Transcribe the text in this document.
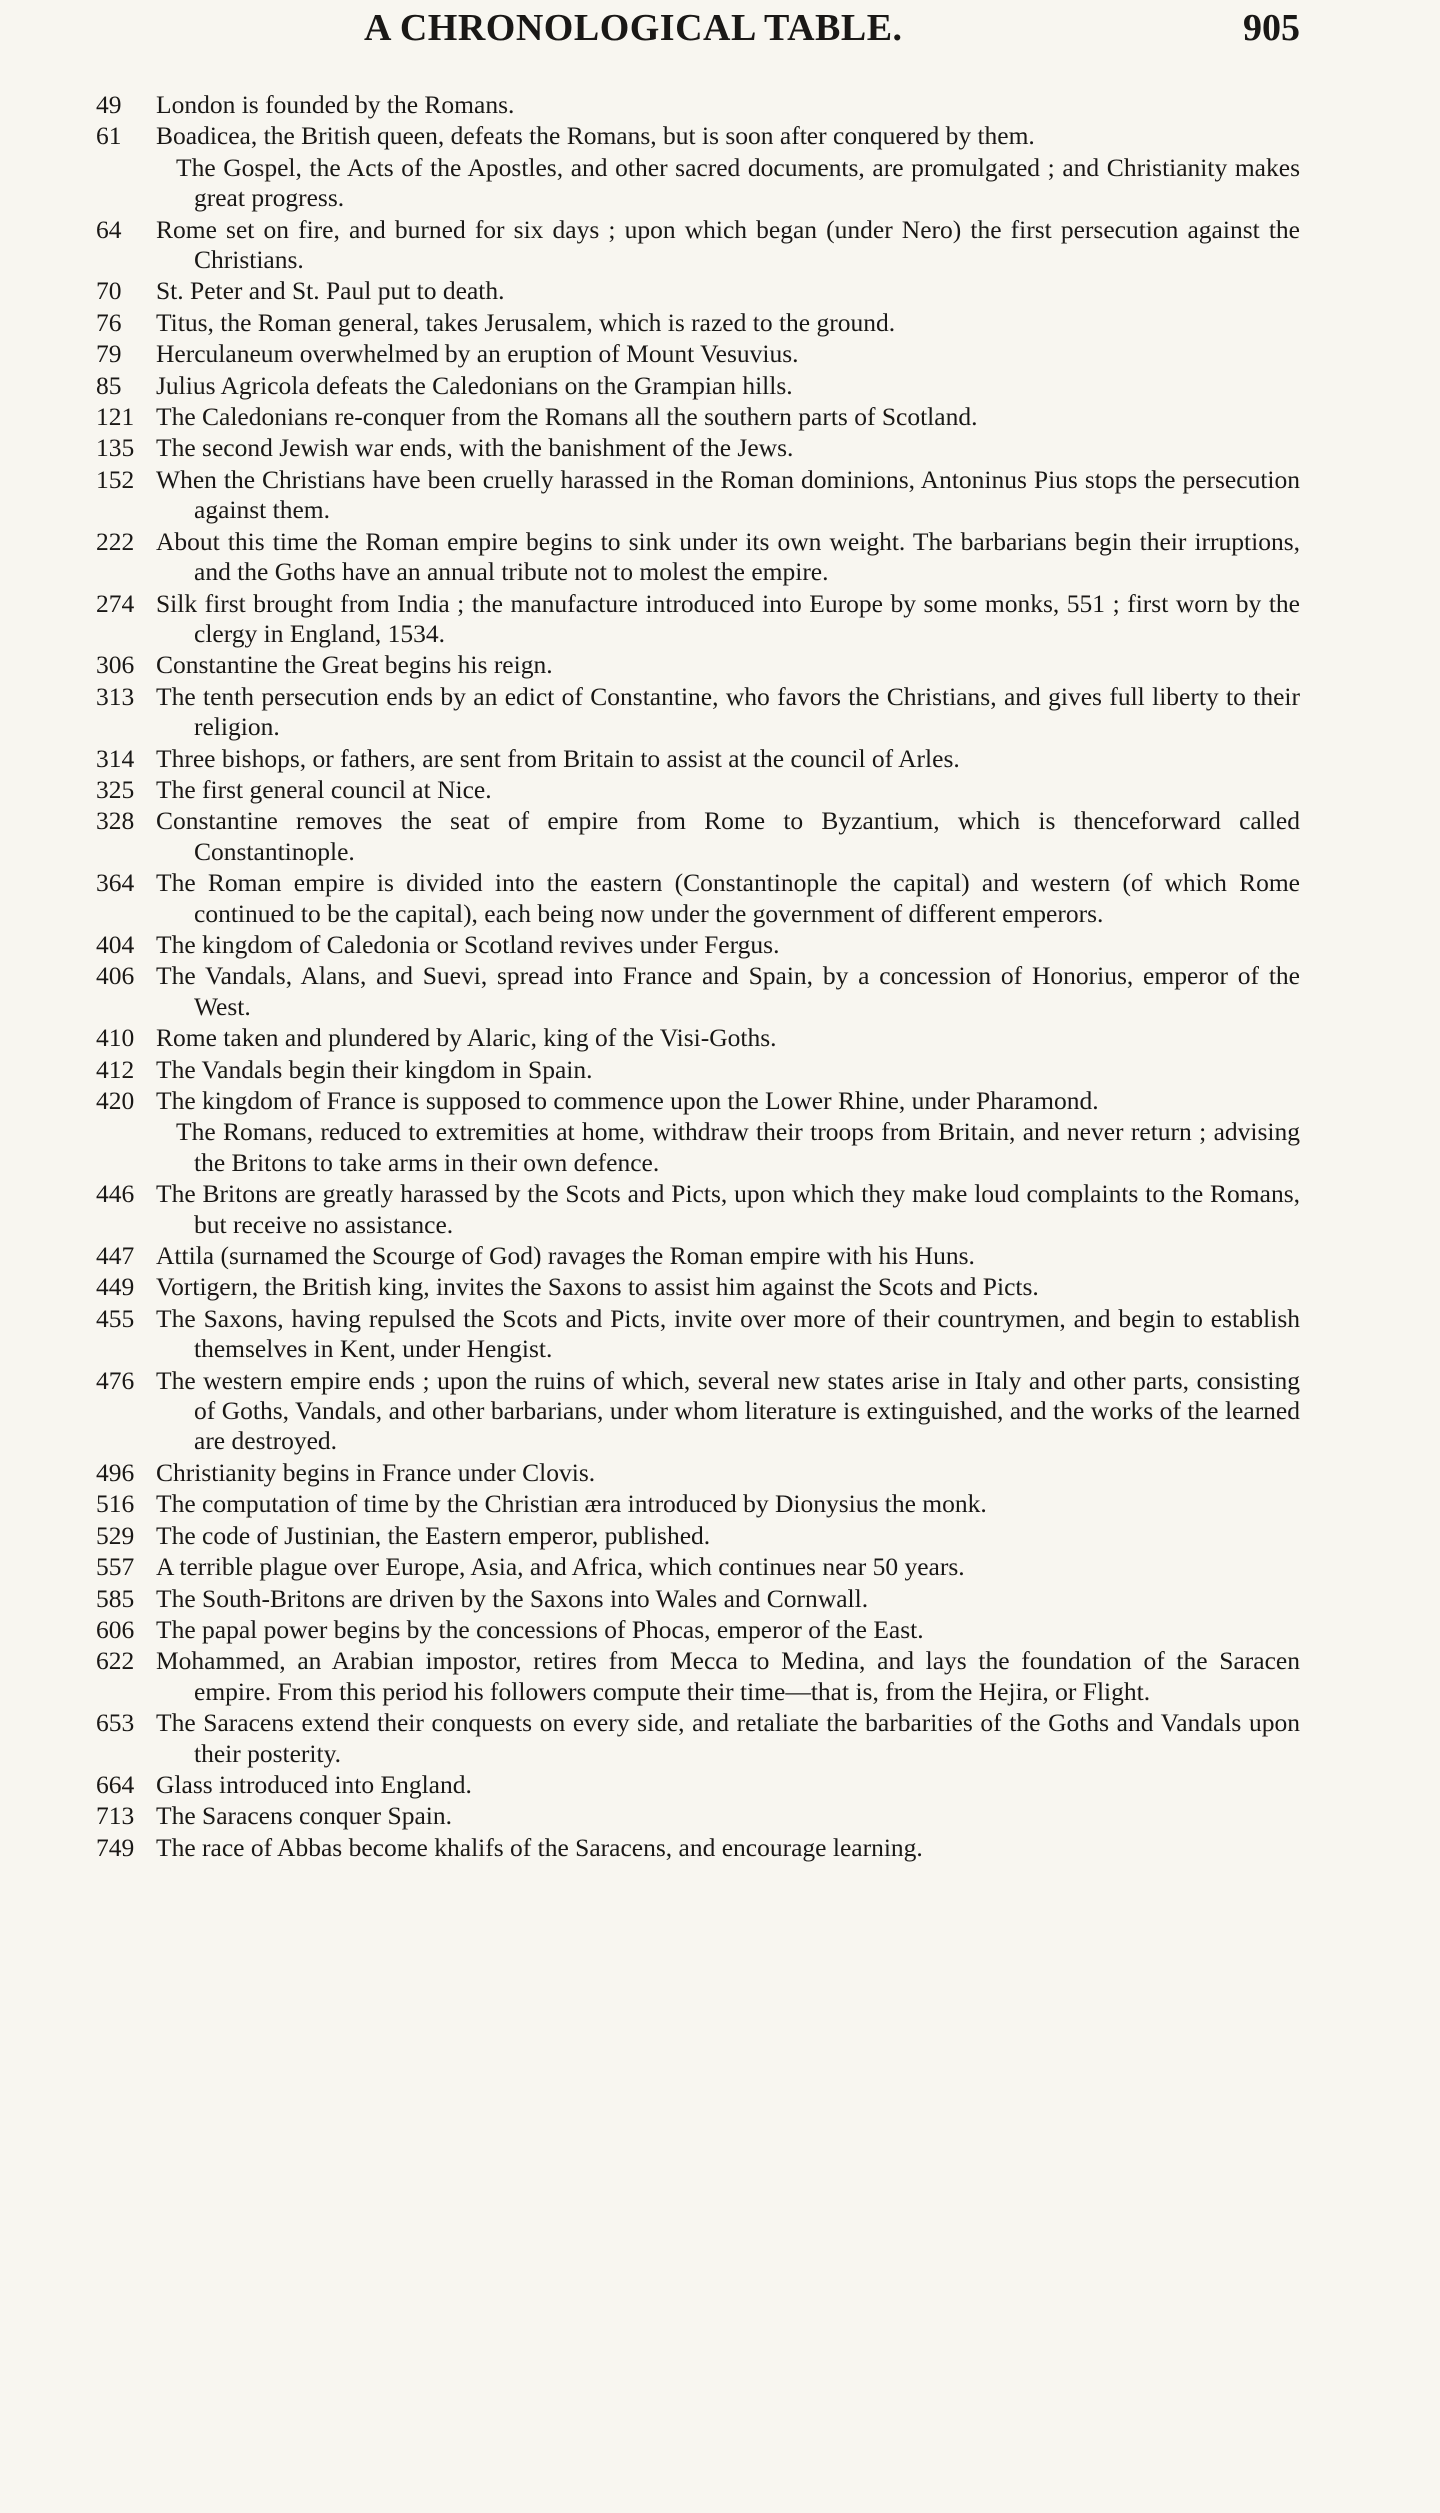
A CHRONOLOGICAL TABLE.	905
49	London is founded by the Romans.
61	Boadicea, the British queen, defeats the Romans, but is soon after conquered by them.
The Gospel, the Acts of the Apostles, and other sacred documents, are promulgated ; and Christianity makes great progress.
64	Rome set on fire, and burned for six days ; upon which began (under Nero) the first persecution against the Christians.
70	St. Peter and St. Paul put to death.
76	Titus, the Roman general, takes Jerusalem, which is razed to the ground.
79	Herculaneum overwhelmed by an eruption of Mount Vesuvius.
85	Julius Agricola defeats the Caledonians on the Grampian hills.
121 The Caledonians re-conquer from the Romans all the southern parts of Scotland.
135 The second Jewish war ends, with the banishment of the Jews.
152 When the Christians have been cruelly harassed in the Roman dominions, Antoninus Pius stops the persecution against them.
222 About this time the Roman empire begins to sink under its own weight. The barbarians begin their irruptions, and the Goths have an annual tribute not to molest the empire.
274 Silk first brought from India ; the manufacture introduced into Europe by some monks, 551 ; first worn by the clergy in England, 1534.
306 Constantine the Great begins his reign.
313 The tenth persecution ends by an edict of Constantine, who favors the Christians, and gives full liberty to their religion.
314 Three bishops, or fathers, are sent from Britain to assist at the council of Arles.
325 The first general council at Nice.
328 Constantine removes the seat of empire from Rome to Byzantium, which is thenceforward called Constantinople.
364 The Roman empire is divided into the eastern (Constantinople the capital) and western (of which Rome continued to be the capital), each being now under the government of different emperors.
404 The kingdom of Caledonia or Scotland revives under Fergus.
406 The Vandals, Alans, and Suevi, spread into France and Spain, by a concession of Honorius, emperor of the West.
410 Rome taken and plundered by Alaric, king of the Visi-Goths.
412 The Vandals begin their kingdom in Spain.
420 The kingdom of France is supposed to commence upon the Lower Rhine, under Pharamond.
The Romans, reduced to extremities at home, withdraw their troops from Britain, and never return ; advising the Britons to take arms in their own defence.
446 The Britons are greatly harassed by the Scots and Picts, upon which they make loud complaints to the Romans, but receive no assistance.
447 Attila (surnamed the Scourge of God) ravages the Roman empire with his Huns.
449 Vortigern, the British king, invites the Saxons to assist him against the Scots and Picts.
455 The Saxons, having repulsed the Scots and Picts, invite over more of their countrymen, and begin to establish themselves in Kent, under Hengist.
476 The western empire ends ; upon the ruins of which, several new states arise in Italy and other parts, consisting of Goths, Vandals, and other barbarians, under whom literature is extinguished, and the works of the learned are destroyed.
496 Christianity begins in France under Clovis.
516 The computation of time by the Christian æra introduced by Dionysius the monk.
529 The code of Justinian, the Eastern emperor, published.
557 A terrible plague over Europe, Asia, and Africa, which continues near 50 years.
585 The South-Britons are driven by the Saxons into Wales and Cornwall.
606 The papal power begins by the concessions of Phocas, emperor of the East.
622 Mohammed, an Arabian impostor, retires from Mecca to Medina, and lays the foundation of the Saracen empire. From this period his followers compute their time—that is, from the Hejira, or Flight.
653 The Saracens extend their conquests on every side, and retaliate the barbarities of the Goths and Vandals upon their posterity.
664 Glass introduced into England.
713 The Saracens conquer Spain.
749 The race of Abbas become khalifs of the Saracens, and encourage learning.
